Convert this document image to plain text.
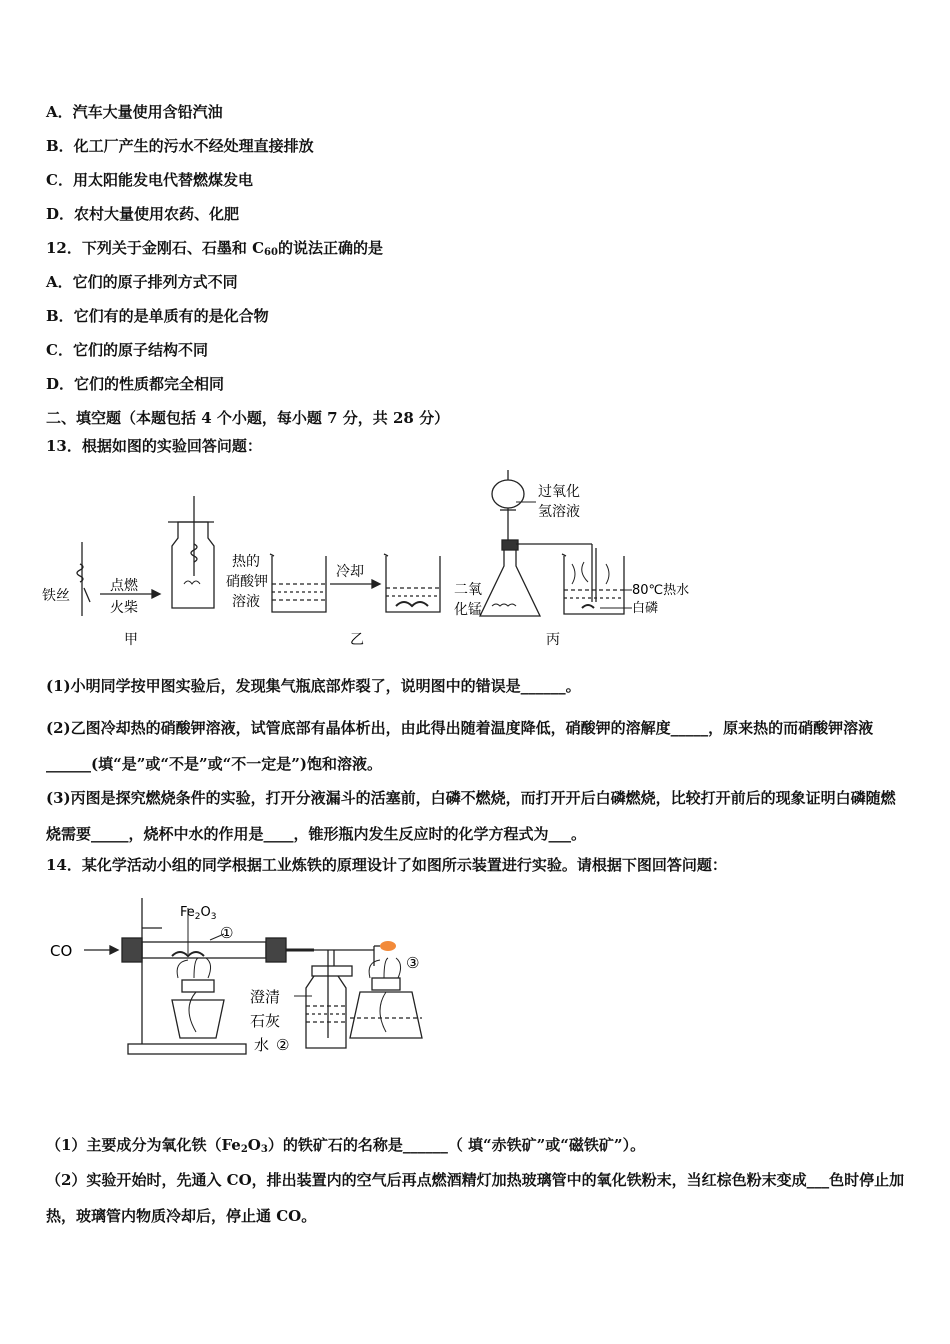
A．汽车大量使用含铅汽油
B．化工厂产生的污水不经处理直接排放
C．用太阳能发电代替燃煤发电
D．农村大量使用农药、化肥
12．下列关于金刚石、石墨和 $C_{60}$的说法正确的是
A．它们的原子排列方式不同
B．它们有的是单质有的是化合物
C．它们的原子结构不同
D．它们的性质都完全相同
二、填空题（本题包括 4 个小题，每小题 7 分，共 28 分）
13．根据如图的实验回答问题：
铁丝
点燃
火柴
甲
热的
硝酸钾
溶液
冷却
乙
过氧化
氢溶液
二氧
化锰
80℃热水
白磷
丙
(1)小明同学按甲图实验后，发现集气瓶底部炸裂了，说明图中的错误是______。
(2)乙图冷却热的硝酸钾溶液，试管底部有晶体析出，由此得出随着温度降低，硝酸钾的溶解度_____，原来热的而硝酸钾溶液______(填“是”或“不是”或“不一定是”)饱和溶液。
(3)丙图是探究燃烧条件的实验，打开分液漏斗的活塞前，白磷不燃烧，而打开开后白磷燃烧，比较打开前后的现象证明白磷随燃烧需要_____，烧杯中水的作用是____，锥形瓶内发生反应时的化学方程式为___。
14．某化学活动小组的同学根据工业炼铁的原理设计了如图所示装置进行实验。请根据下图回答问题：
CO
$Fe_2O_3$
①
③
澄清
石灰
水 ②
（1）主要成分为氧化铁$(Fe_2O_3)$的铁矿石的名称是______（ 填“赤铁矿”或“磁铁矿”）。
（2）实验开始时，先通入 CO，排出装置内的空气后再点燃酒精灯加热玻璃管中的氧化铁粉末，当红棕色粉末变成___色时停止加热，玻璃管内物质冷却后，停止通 CO。
